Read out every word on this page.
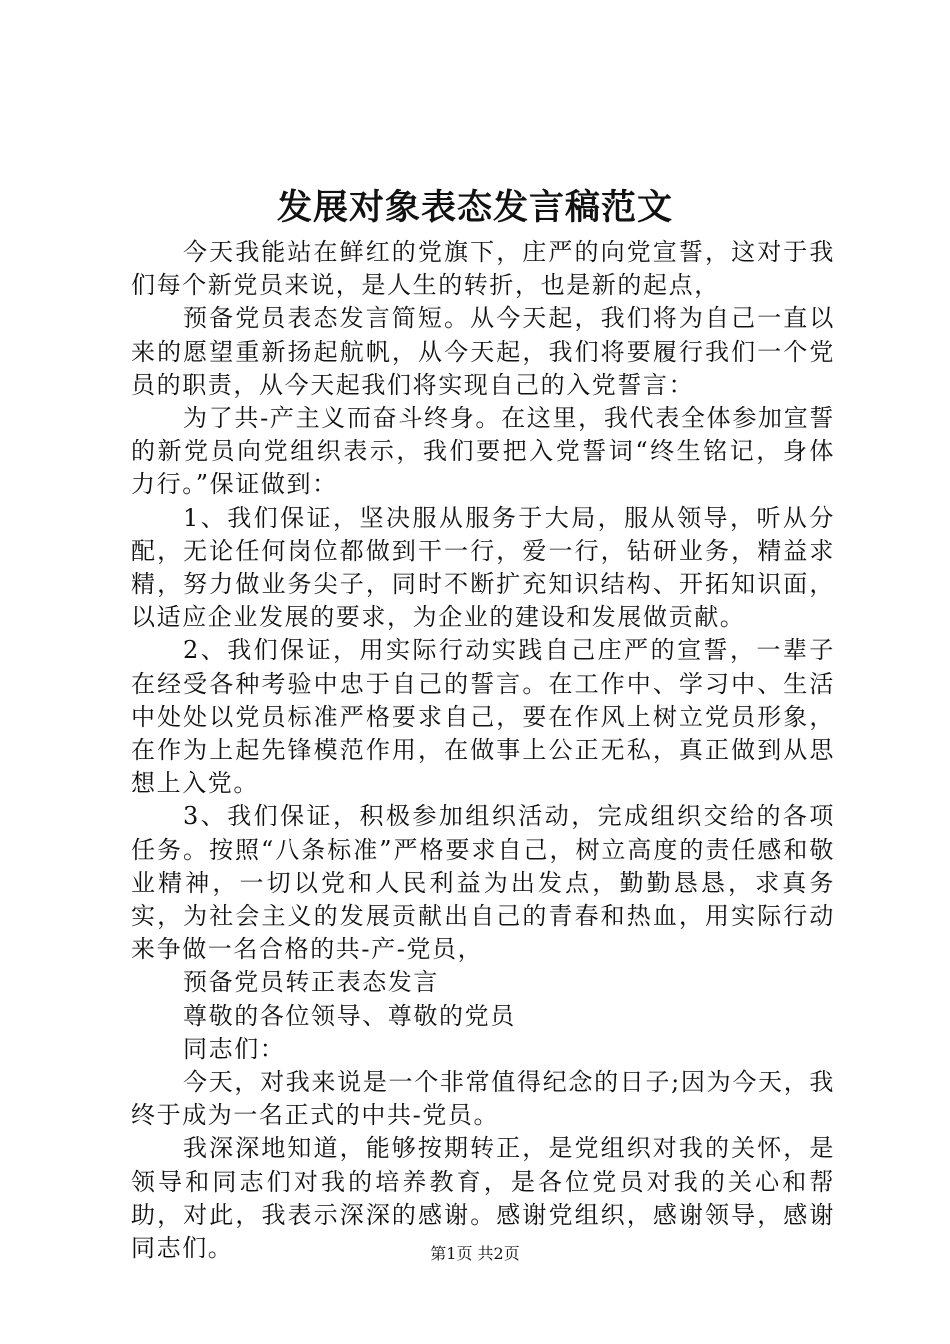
发展对象表态发言稿范文

今天我能站在鲜红的党旗下，庄严的向党宣誓，这对于我们每个新党员来说，是人生的转折，也是新的起点，

预备党员表态发言简短。从今天起，我们将为自己一直以来的愿望重新扬起航帆，从今天起，我们将要履行我们一个党员的职责，从今天起我们将实现自己的入党誓言：

为了共-产主义而奋斗终身。在这里，我代表全体参加宣誓的新党员向党组织表示，我们要把入党誓词“终生铭记，身体力行。”保证做到：

1、我们保证，坚决服从服务于大局，服从领导，听从分配，无论任何岗位都做到干一行，爱一行，钻研业务，精益求精，努力做业务尖子，同时不断扩充知识结构、开拓知识面，以适应企业发展的要求，为企业的建设和发展做贡献。

2、我们保证，用实际行动实践自己庄严的宣誓，一辈子在经受各种考验中忠于自己的誓言。在工作中、学习中、生活中处处以党员标准严格要求自己，要在作风上树立党员形象，在作为上起先锋模范作用，在做事上公正无私，真正做到从思想上入党。

3、我们保证，积极参加组织活动，完成组织交给的各项任务。按照“八条标准”严格要求自己，树立高度的责任感和敬业精神，一切以党和人民利益为出发点，勤勤恳恳，求真务实，为社会主义的发展贡献出自己的青春和热血，用实际行动来争做一名合格的共-产-党员，

预备党员转正表态发言

尊敬的各位领导、尊敬的党员

同志们：

今天，对我来说是一个非常值得纪念的日子;因为今天，我终于成为一名正式的中共-党员。

我深深地知道，能够按期转正，是党组织对我的关怀，是领导和同志们对我的培养教育，是各位党员对我的关心和帮助，对此，我表示深深的感谢。感谢党组织，感谢领导，感谢同志们。	第1页 共2页
